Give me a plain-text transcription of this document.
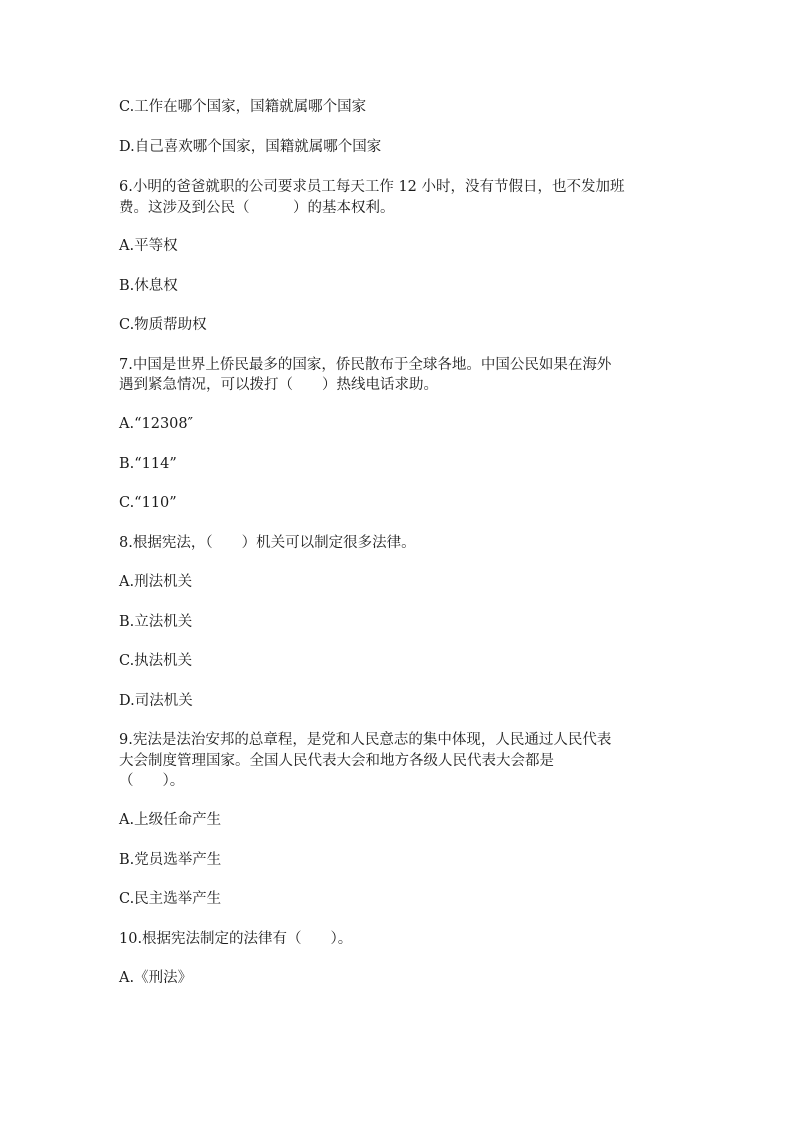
C.工作在哪个国家，国籍就属哪个国家
D.自己喜欢哪个国家，国籍就属哪个国家
6.小明的爸爸就职的公司要求员工每天工作 12 小时，没有节假日，也不发加班
费。这涉及到公民（　　　）的基本权利。
A.平等权
B.休息权
C.物质帮助权
7.中国是世界上侨民最多的国家，侨民散布于全球各地。中国公民如果在海外
遇到紧急情况，可以拨打（　　）热线电话求助。
A.“12308″
B.“114”
C.“110”
8.根据宪法，（　　）机关可以制定很多法律。
A.刑法机关
B.立法机关
C.执法机关
D.司法机关
9.宪法是法治安邦的总章程，是党和人民意志的集中体现，人民通过人民代表
大会制度管理国家。全国人民代表大会和地方各级人民代表大会都是
（　　）。
A.上级任命产生
B.党员选举产生
C.民主选举产生
10.根据宪法制定的法律有（　　）。
A.《刑法》
